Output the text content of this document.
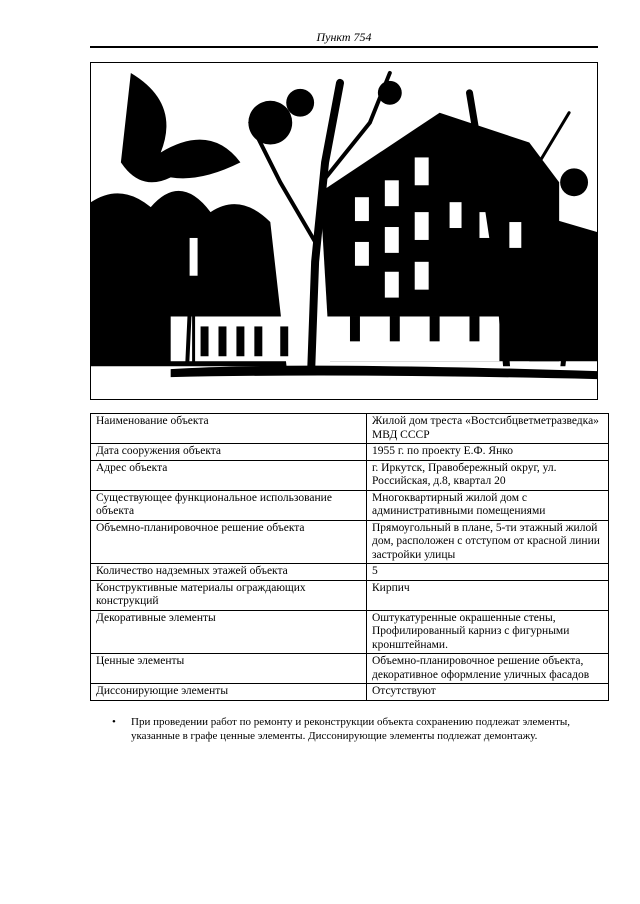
Пункт 754
Наименование объекта	Жилой дом треста «Востсибцветметразведка» МВД СССР
Дата сооружения объекта	1955 г. по проекту Е.Ф. Янко
Адрес объекта	г. Иркутск, Правобережный округ, ул. Российская, д.8, квартал 20
Существующее функциональное использование объекта	Многоквартирный жилой дом с административными помещениями
Объемно-планировочное решение объекта	Прямоугольный в плане, 5-ти этажный жилой дом, расположен с отступом от красной линии застройки улицы
Количество надземных этажей объекта	5
Конструктивные материалы ограждающих конструкций	Кирпич
Декоративные элементы	Оштукатуренные окрашенные стены, Профилированный карниз с фигурными кронштейнами.
Ценные элементы	Объемно-планировочное решение объекта, декоративное оформление уличных фасадов
Диссонирующие элементы	Отсутствуют
•	При проведении работ по ремонту и реконструкции объекта сохранению подлежат элементы, указанные в графе ценные элементы. Диссонирующие элементы подлежат демонтажу.
